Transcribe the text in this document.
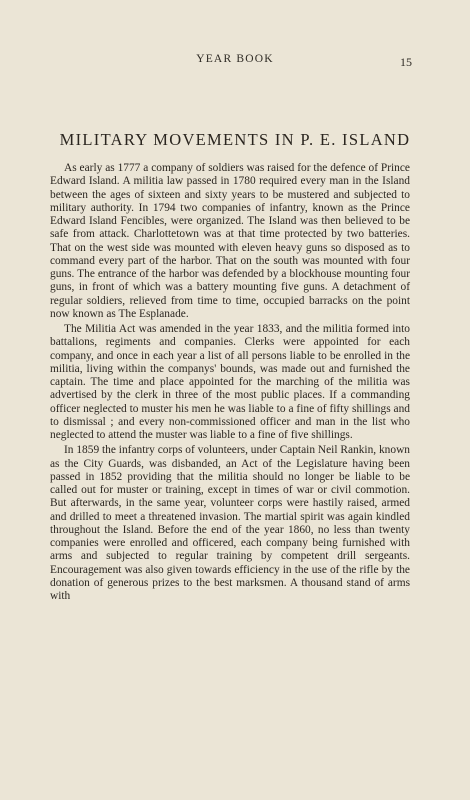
YEAR BOOK	15
MILITARY MOVEMENTS IN P. E. ISLAND

As early as 1777 a company of soldiers was raised for the defence of Prince Edward Island. A militia law passed in 1780 required every man in the Island between the ages of sixteen and sixty years to be mustered and subjected to military authority. In 1794 two companies of infantry, known as the Prince Edward Island Fencibles, were organized. The Island was then believed to be safe from attack. Charlottetown was at that time protected by two batteries. That on the west side was mounted with eleven heavy guns so disposed as to command every part of the harbor. That on the south was mounted with four guns. The entrance of the harbor was defended by a blockhouse mounting four guns, in front of which was a battery mounting five guns. A detachment of regular soldiers, relieved from time to time, occupied barracks on the point now known as The Esplanade.

The Militia Act was amended in the year 1833, and the militia formed into battalions, regiments and companies. Clerks were appointed for each company, and once in each year a list of all persons liable to be enrolled in the militia, living within the companys' bounds, was made out and furnished the captain. The time and place appointed for the marching of the militia was advertised by the clerk in three of the most public places. If a commanding officer neglected to muster his men he was liable to a fine of fifty shillings and to dismissal ; and every non-commissioned officer and man in the list who neglected to attend the muster was liable to a fine of five shillings.

In 1859 the infantry corps of volunteers, under Captain Neil Rankin, known as the City Guards, was disbanded, an Act of the Legislature having been passed in 1852 providing that the militia should no longer be liable to be called out for muster or training, except in times of war or civil commotion. But afterwards, in the same year, volunteer corps were hastily raised, armed and drilled to meet a threatened invasion. The martial spirit was again kindled throughout the Island. Before the end of the year 1860, no less than twenty companies were enrolled and officered, each company being furnished with arms and subjected to regular training by competent drill sergeants. Encouragement was also given towards efficiency in the use of the rifle by the donation of generous prizes to the best marksmen. A thousand stand of arms with
